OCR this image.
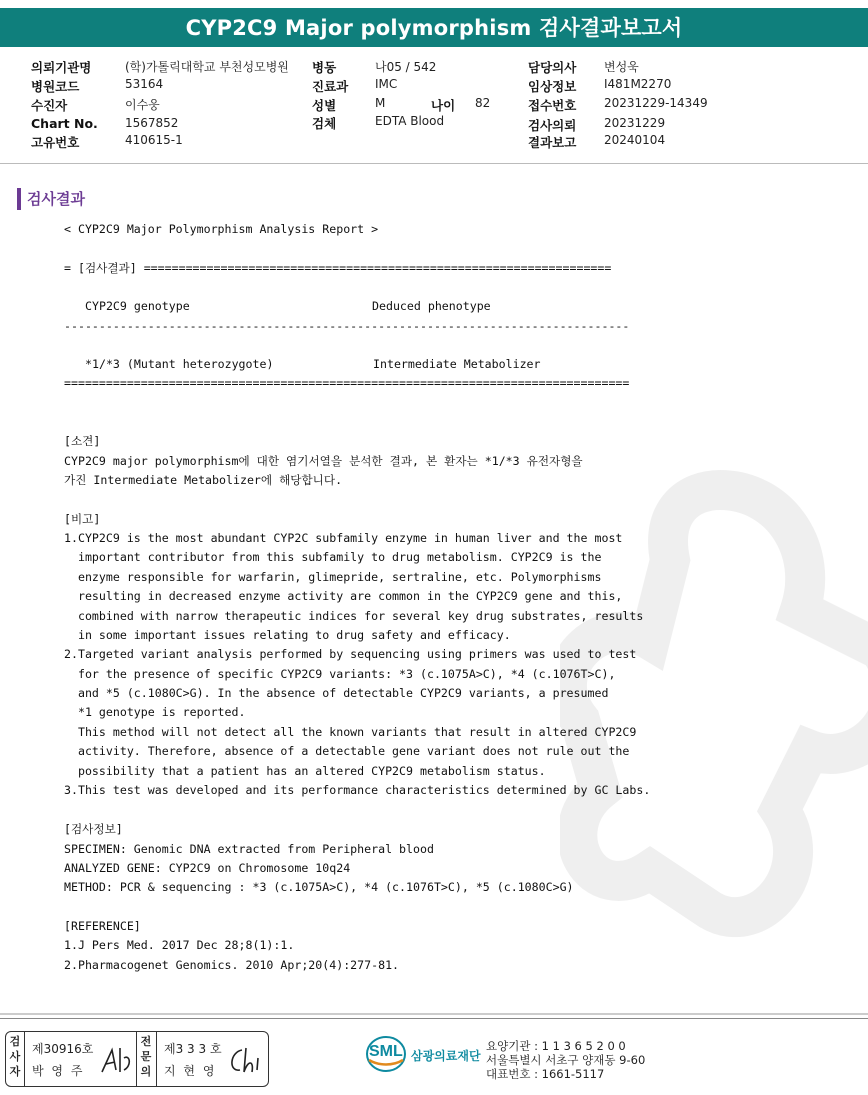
CYP2C9 Major polymorphism 검사결과보고서
의뢰기관명	(학)가톨릭대학교 부천성모병원
병원코드	53164
수진자	이수웅
Chart No. 1567852
고유번호	410615-1
병동	나05 / 542
진료과 IMC
성별	M	나이 82
검체	EDTA Blood
담당의사 변성욱
임상정보 I481M2270
접수번호 20231229-14349
검사의뢰 20231229
결과보고 20240104
검사결과
< CYP2C9 Major Polymorphism Analysis Report >
= [검사결과] ===================================================================
CYP2C9 genotype	Deduced phenotype
---------------------------------------------------------------------------------
*1/*3 (Mutant heterozygote)	Intermediate Metabolizer
=================================================================================
[소견]
CYP2C9 major polymorphism에 대한 염기서열을 분석한 결과, 본 환자는 *1/*3 유전자형을
가진 Intermediate Metabolizer에 해당합니다.
[비고]
1.CYP2C9 is the most abundant CYP2C subfamily enzyme in human liver and the most
important contributor from this subfamily to drug metabolism. CYP2C9 is the
enzyme responsible for warfarin, glimepride, sertraline, etc. Polymorphisms
resulting in decreased enzyme activity are common in the CYP2C9 gene and this,
combined with narrow therapeutic indices for several key drug substrates, results
in some important issues relating to drug safety and efficacy.
2.Targeted variant analysis performed by sequencing using primers was used to test
for the presence of specific CYP2C9 variants: *3 (c.1075A>C), *4 (c.1076T>C),
and *5 (c.1080C>G). In the absence of detectable CYP2C9 variants, a presumed
*1 genotype is reported.
This method will not detect all the known variants that result in altered CYP2C9
activity. Therefore, absence of a detectable gene variant does not rule out the
possibility that a patient has an altered CYP2C9 metabolism status.
3.This test was developed and its performance characteristics determined by GC Labs.
[검사정보]
SPECIMEN: Genomic DNA extracted from Peripheral blood
ANALYZED GENE: CYP2C9 on Chromosome 10q24
METHOD: PCR & sequencing : *3 (c.1075A>C), *4 (c.1076T>C), *5 (c.1080C>G)
[REFERENCE]
1.J Pers Med. 2017 Dec 28;8(1):1.
2.Pharmacogenet Genomics. 2010 Apr;20(4):277-81.
검사자
제30916호
박 영 주
전문의
제3 3 3 호
지 현 영
SML 삼광의료재단
요양기관 : 1 1 3 6 5 2 0 0
서울특별시 서초구 양재동 9-60
대표번호 : 1661-5117
